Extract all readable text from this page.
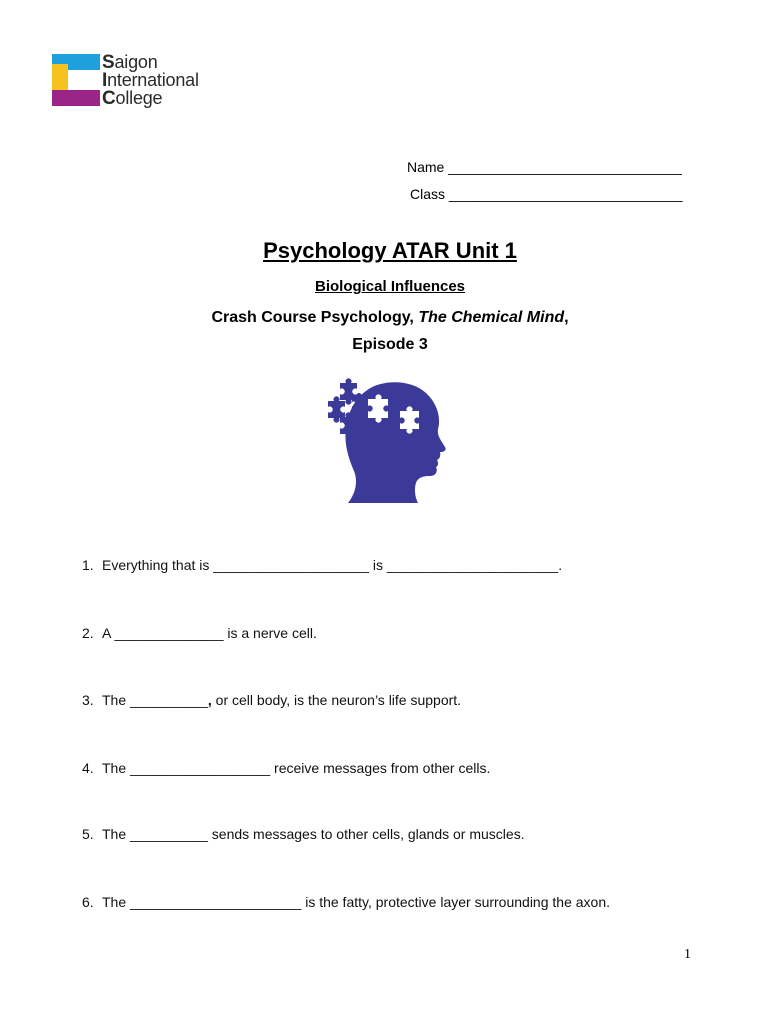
Saigon
International
College
Name ______________________________
Class ______________________________
Psychology ATAR Unit 1
Biological Influences
Crash Course Psychology, The Chemical Mind,
Episode 3
1. Everything that is ____________________ is ______________________.
2. A ______________ is a nerve cell.
3. The __________, or cell body, is the neuron’s life support.
4. The __________________ receive messages from other cells.
5. The __________ sends messages to other cells, glands or muscles.
6. The ______________________ is the fatty, protective layer surrounding the axon.
1
